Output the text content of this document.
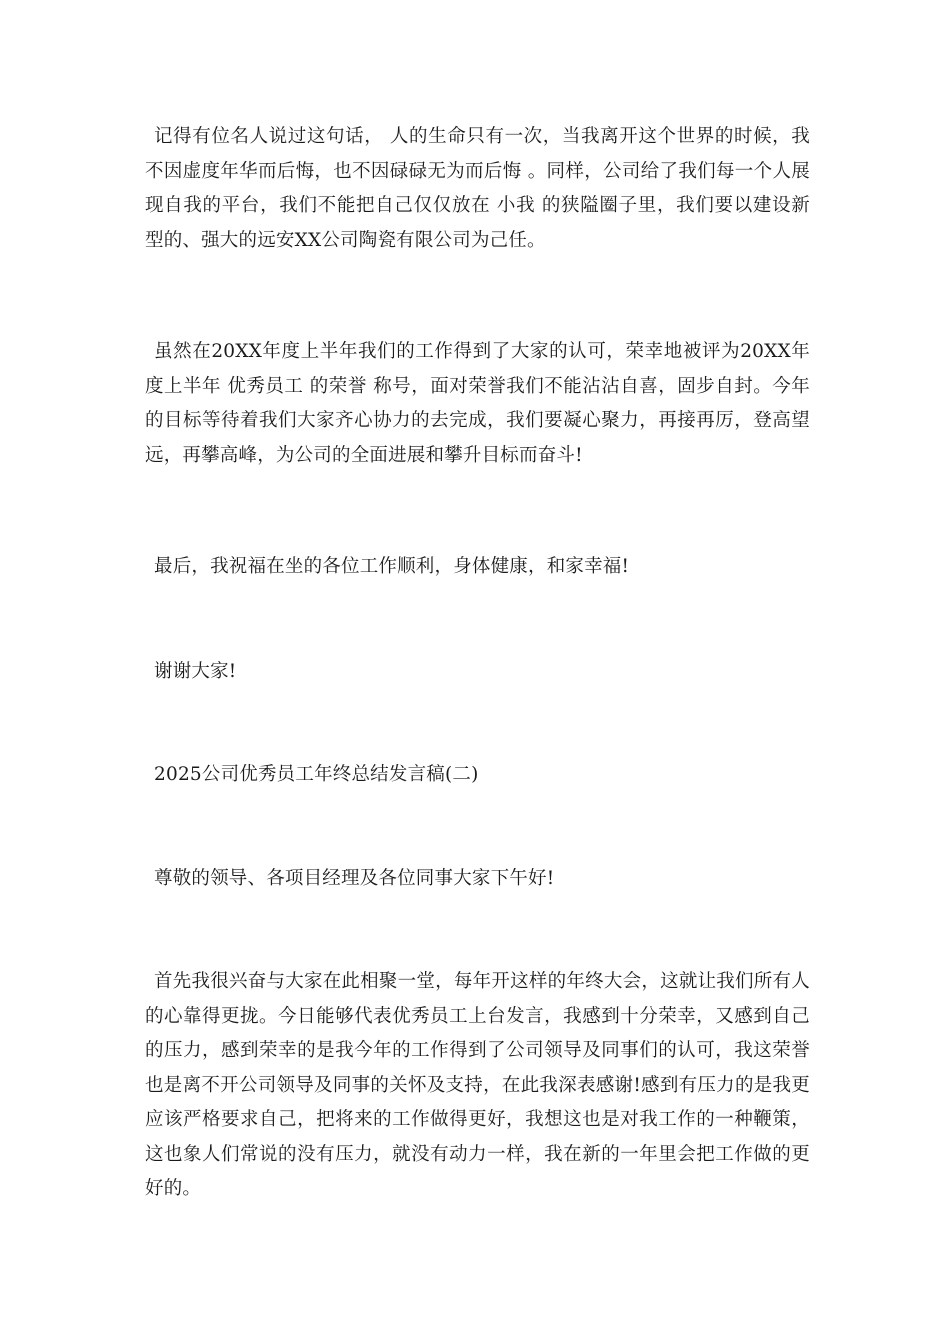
记得有位名人说过这句话， 人的生命只有一次，当我离开这个世界的时候，我不因虚度年华而后悔，也不因碌碌无为而后悔 。同样，公司给了我们每一个人展现自我的平台，我们不能把自己仅仅放在 小我 的狭隘圈子里，我们要以建设新型的、强大的远安XX公司陶瓷有限公司为己任。

虽然在20XX年度上半年我们的工作得到了大家的认可，荣幸地被评为20XX年度上半年 优秀员工 的荣誉 称号，面对荣誉我们不能沾沾自喜，固步自封。今年的目标等待着我们大家齐心协力的去完成，我们要凝心聚力，再接再厉，登高望远，再攀高峰，为公司的全面进展和攀升目标而奋斗!

最后，我祝福在坐的各位工作顺利，身体健康，和家幸福!

谢谢大家!

2025公司优秀员工年终总结发言稿(二)

尊敬的领导、各项目经理及各位同事大家下午好!

首先我很兴奋与大家在此相聚一堂，每年开这样的年终大会，这就让我们所有人的心靠得更拢。今日能够代表优秀员工上台发言，我感到十分荣幸，又感到自己的压力，感到荣幸的是我今年的工作得到了公司领导及同事们的认可，我这荣誉也是离不开公司领导及同事的关怀及支持，在此我深表感谢!感到有压力的是我更应该严格要求自己，把将来的工作做得更好，我想这也是对我工作的一种鞭策，这也象人们常说的没有压力，就没有动力一样，我在新的一年里会把工作做的更好的。
